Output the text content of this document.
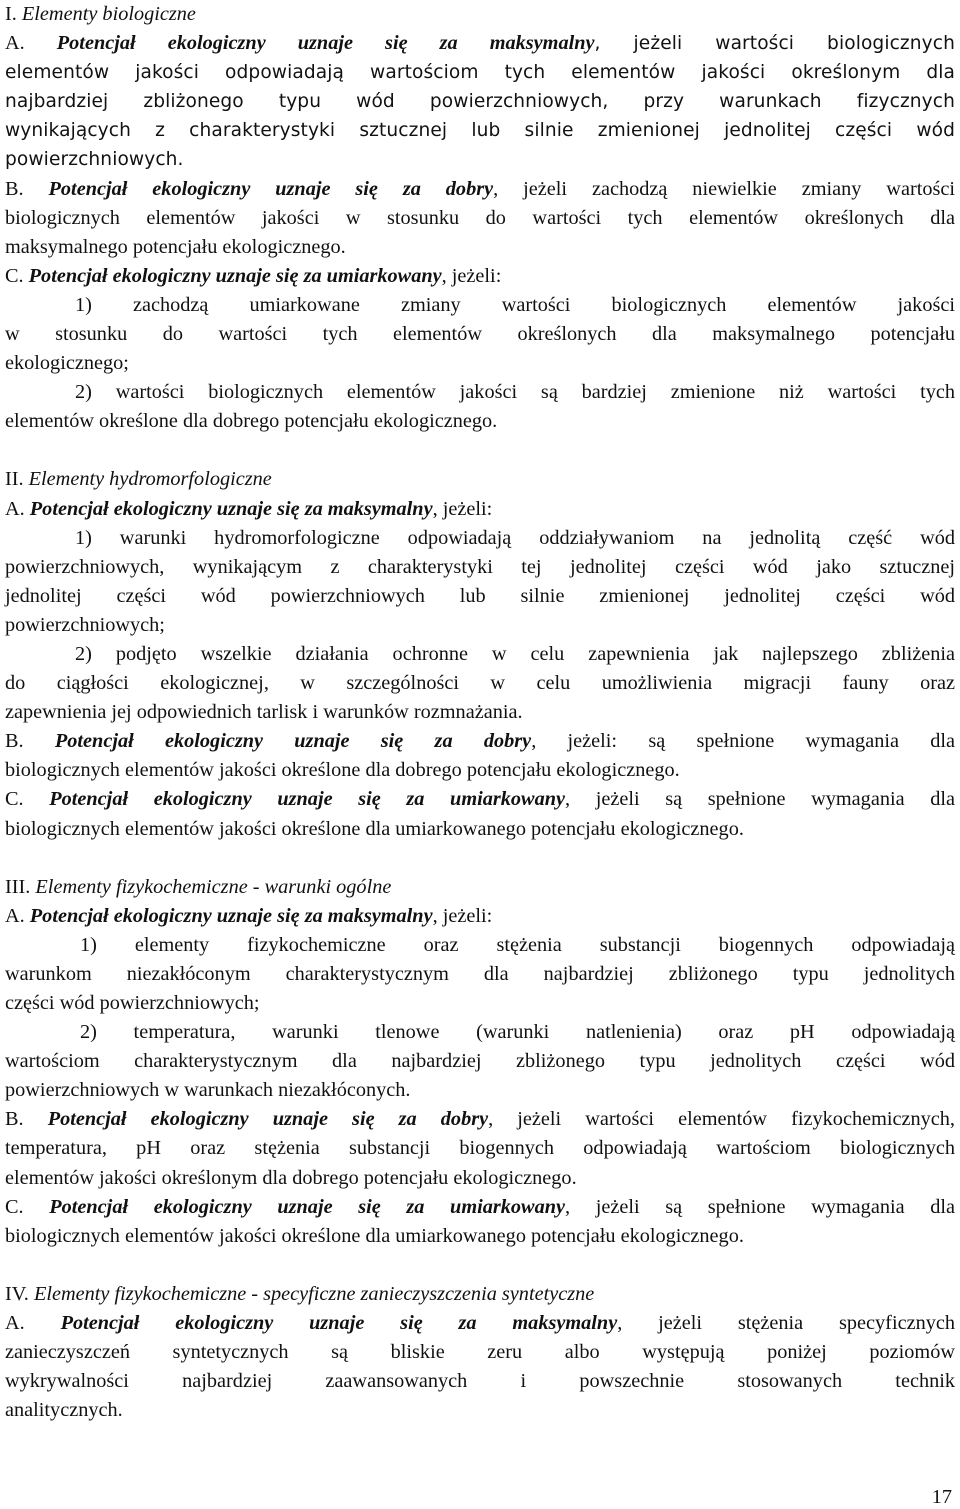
I. Elementy biologiczne
A. Potencjał ekologiczny uznaje się za maksymalny, jeżeli wartości biologicznych
elementów jakości odpowiadają wartościom tych elementów jakości określonym dla
najbardziej zbliżonego typu wód powierzchniowych, przy warunkach fizycznych
wynikających z charakterystyki sztucznej lub silnie zmienionej jednolitej części wód
powierzchniowych.
B. Potencjał ekologiczny uznaje się za dobry, jeżeli zachodzą niewielkie zmiany wartości
biologicznych elementów jakości w stosunku do wartości tych elementów określonych dla
maksymalnego potencjału ekologicznego.
C. Potencjał ekologiczny uznaje się za umiarkowany, jeżeli:
1) zachodzą umiarkowane zmiany wartości biologicznych elementów jakości
w stosunku do wartości tych elementów określonych dla maksymalnego potencjału
ekologicznego;
2) wartości biologicznych elementów jakości są bardziej zmienione niż wartości tych
elementów określone dla dobrego potencjału ekologicznego.
II. Elementy hydromorfologiczne
A. Potencjał ekologiczny uznaje się za maksymalny, jeżeli:
1) warunki hydromorfologiczne odpowiadają oddziaływaniom na jednolitą część wód
powierzchniowych, wynikającym z charakterystyki tej jednolitej części wód jako sztucznej
jednolitej części wód powierzchniowych lub silnie zmienionej jednolitej części wód
powierzchniowych;
2) podjęto wszelkie działania ochronne w celu zapewnienia jak najlepszego zbliżenia
do ciągłości ekologicznej, w szczególności w celu umożliwienia migracji fauny oraz
zapewnienia jej odpowiednich tarlisk i warunków rozmnażania.
B. Potencjał ekologiczny uznaje się za dobry, jeżeli: są spełnione wymagania dla
biologicznych elementów jakości określone dla dobrego potencjału ekologicznego.
C. Potencjał ekologiczny uznaje się za umiarkowany, jeżeli są spełnione wymagania dla
biologicznych elementów jakości określone dla umiarkowanego potencjału ekologicznego.
III. Elementy fizykochemiczne - warunki ogólne
A. Potencjał ekologiczny uznaje się za maksymalny, jeżeli:
1) elementy fizykochemiczne oraz stężenia substancji biogennych odpowiadają
warunkom niezakłóconym charakterystycznym dla najbardziej zbliżonego typu jednolitych
części wód powierzchniowych;
2) temperatura, warunki tlenowe (warunki natlenienia) oraz pH odpowiadają
wartościom charakterystycznym dla najbardziej zbliżonego typu jednolitych części wód
powierzchniowych w warunkach niezakłóconych.
B. Potencjał ekologiczny uznaje się za dobry, jeżeli wartości elementów fizykochemicznych,
temperatura, pH oraz stężenia substancji biogennych odpowiadają wartościom biologicznych
elementów jakości określonym dla dobrego potencjału ekologicznego.
C. Potencjał ekologiczny uznaje się za umiarkowany, jeżeli są spełnione wymagania dla
biologicznych elementów jakości określone dla umiarkowanego potencjału ekologicznego.
IV. Elementy fizykochemiczne - specyficzne zanieczyszczenia syntetyczne
A. Potencjał ekologiczny uznaje się za maksymalny, jeżeli stężenia specyficznych
zanieczyszczeń syntetycznych są bliskie zeru albo występują poniżej poziomów
wykrywalności najbardziej zaawansowanych i powszechnie stosowanych technik
analitycznych.
17
